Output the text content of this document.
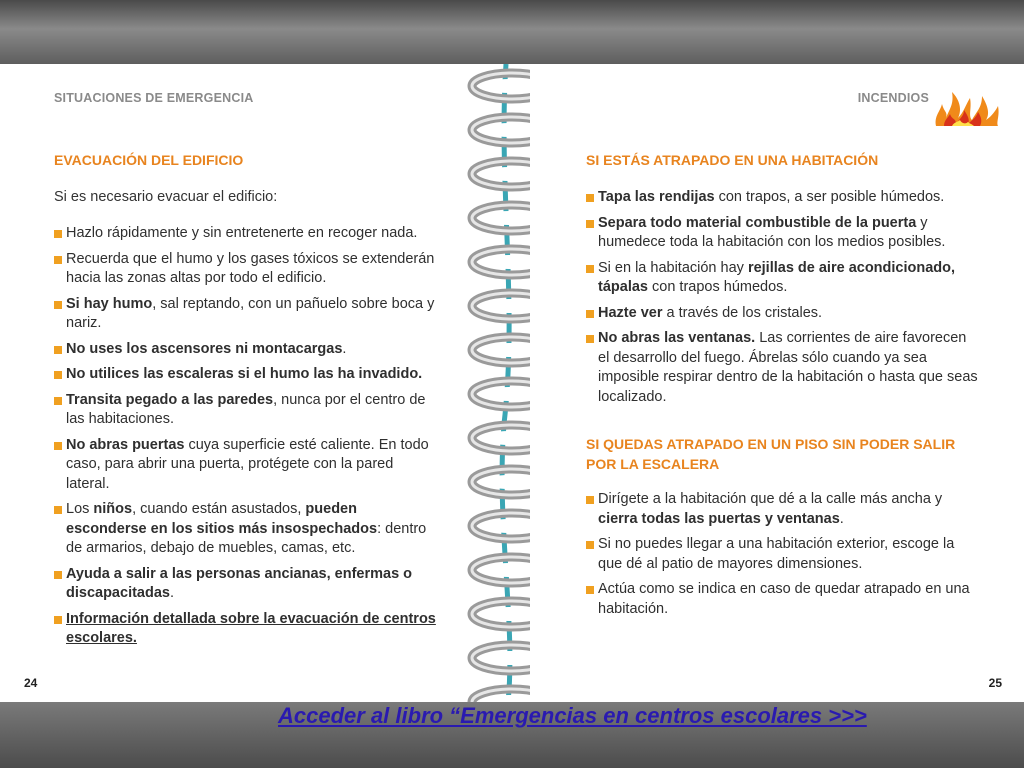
SITUACIONES DE EMERGENCIA
EVACUACIÓN DEL EDIFICIO
Si es necesario evacuar el edificio:
Hazlo rápidamente y sin entretenerte en recoger nada.
Recuerda que el humo y los gases tóxicos se extenderán hacia las zonas altas por todo el edificio.
Si hay humo, sal reptando, con un pañuelo sobre boca y nariz.
No uses los ascensores ni montacargas.
No utilices las escaleras si el humo las ha invadido.
Transita pegado a las paredes, nunca por el centro de las habitaciones.
No abras puertas cuya superficie esté caliente. En todo caso, para abrir una puerta, protégete con la pared lateral.
Los niños, cuando están asustados, pueden esconderse en los sitios más insospechados: dentro de armarios, debajo de muebles, camas, etc.
Ayuda a salir a las personas ancianas, enfermas o discapacitadas.
Información detallada sobre la evacuación de centros escolares.
24
INCENDIOS
SI ESTÁS ATRAPADO EN UNA HABITACIÓN
Tapa las rendijas con trapos, a ser posible húmedos.
Separa todo material combustible de la puerta y humedece toda la habitación con los medios posibles.
Si en la habitación hay rejillas de aire acondicionado, tápalas con trapos húmedos.
Hazte ver a través de los cristales.
No abras las ventanas. Las corrientes de aire favorecen el desarrollo del fuego. Ábrelas sólo cuando ya sea imposible respirar dentro de la habitación o hasta que seas localizado.
SI QUEDAS ATRAPADO EN UN PISO SIN PODER SALIR POR LA ESCALERA
Dirígete a la habitación que dé a la calle más ancha y cierra todas las puertas y ventanas.
Si no puedes llegar a una habitación exterior, escoge la que dé al patio de mayores dimensiones.
Actúa como se indica en caso de quedar atrapado en una habitación.
25
Acceder al libro “Emergencias en centros escolares >>>
